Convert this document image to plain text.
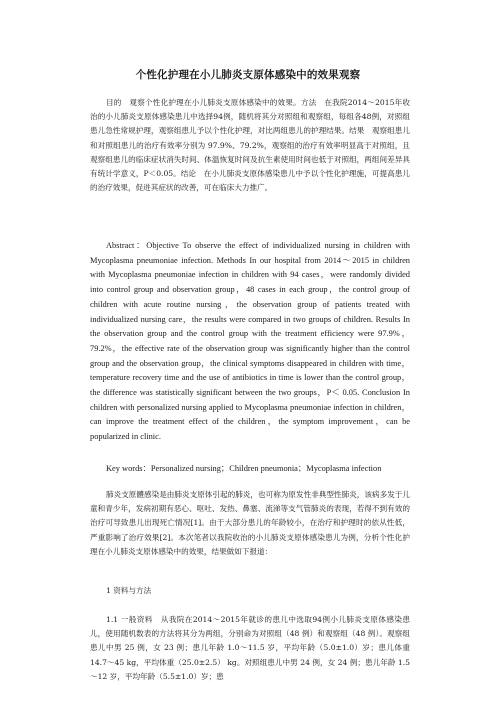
个性化护理在小儿肺炎支原体感染中的效果观察

目的　观察个性化护理在小儿肺炎支原体感染中的效果。方法　在我院2014～2015年收治的小儿肺炎支原体感染患儿中选择94例，随机将其分对照组和观察组，每组各48例，对照组患儿急性常规护理，观察组患儿予以个性化护理，对比两组患儿的护理结果。结果　观察组患儿和对照组患儿的治疗有效率分别为 97.9%、79.2%，观察组的治疗有效率明显高于对照组，且观察组患儿的临床症状消失时间、体温恢复时间及抗生素使用时间也低于对照组，两组间差异具有统计学意义，P＜0.05。结论　在小儿肺炎支原体感染患儿中予以个性化护理施，可提高患儿的治疗效果，促进其症状的改善，可在临床大力推广。

Abstract：Objective To observe the effect of individualized nursing in children with Mycoplasma pneumoniae infection. Methods In our hospital from 2014～2015 in children with Mycoplasma pneumoniae infection in children with 94 cases，were randomly divided into control group and observation group，48 cases in each group，the control group of children with acute routine nursing，the observation group of patients treated with individualized nursing care，the results were compared in two groups of children. Results In the observation group and the control group with the treatment efficiency were 97.9%，79.2%，the effective rate of the observation group was significantly higher than the control group and the observation group，the clinical symptoms disappeared in children with time，temperature recovery time and the use of antibiotics in time is lower than the control group，the difference was statistically significant between the two groups，P＜ 0.05. Conclusion In children with personalized nursing applied to Mycoplasma pneumoniae infection in children，can improve the treatment effect of the children，the symptom improvement，can be popularized in clinic.

Key words：Personalized nursing；Children pneumonia；Mycoplasma infection

肺炎支原體感染是由肺炎支原体引起的肺炎，也可称为原发性非典型性肺炎，该病多发于儿童和青少年，发病初期有恶心、呕吐、发热、鼻塞、流涕等支气管肺炎的表现，若得不到有效的治疗可导致患儿出现死亡情况[1]。由于大部分患儿的年龄较小，在治疗和护理时的依从性低，严重影响了治疗效果[2]。本次笔者以我院收治的小儿肺炎支原体感染患儿为例，分析个性化护理在小儿肺炎支原体感染中的效果，结果做如下报道：

1 资料与方法

1.1 一般资料　从我院在2014～2015年就诊的患儿中选取94例小儿肺炎支原体感染患儿，使用随机数表的方法将其分为两组，分别命为对照组（48 例）和观察组（48 例）。观察组患儿中男 25 例，女 23 例；患儿年龄 1.0～11.5 岁，平均年龄（5.0±1.0）岁；患儿体重 14.7～45 kg，平均体重（25.0±2.5） kg。对照组患儿中男 24 例，女 24 例；患儿年龄 1.5～12 岁，平均年龄（5.5±1.0）岁；患
